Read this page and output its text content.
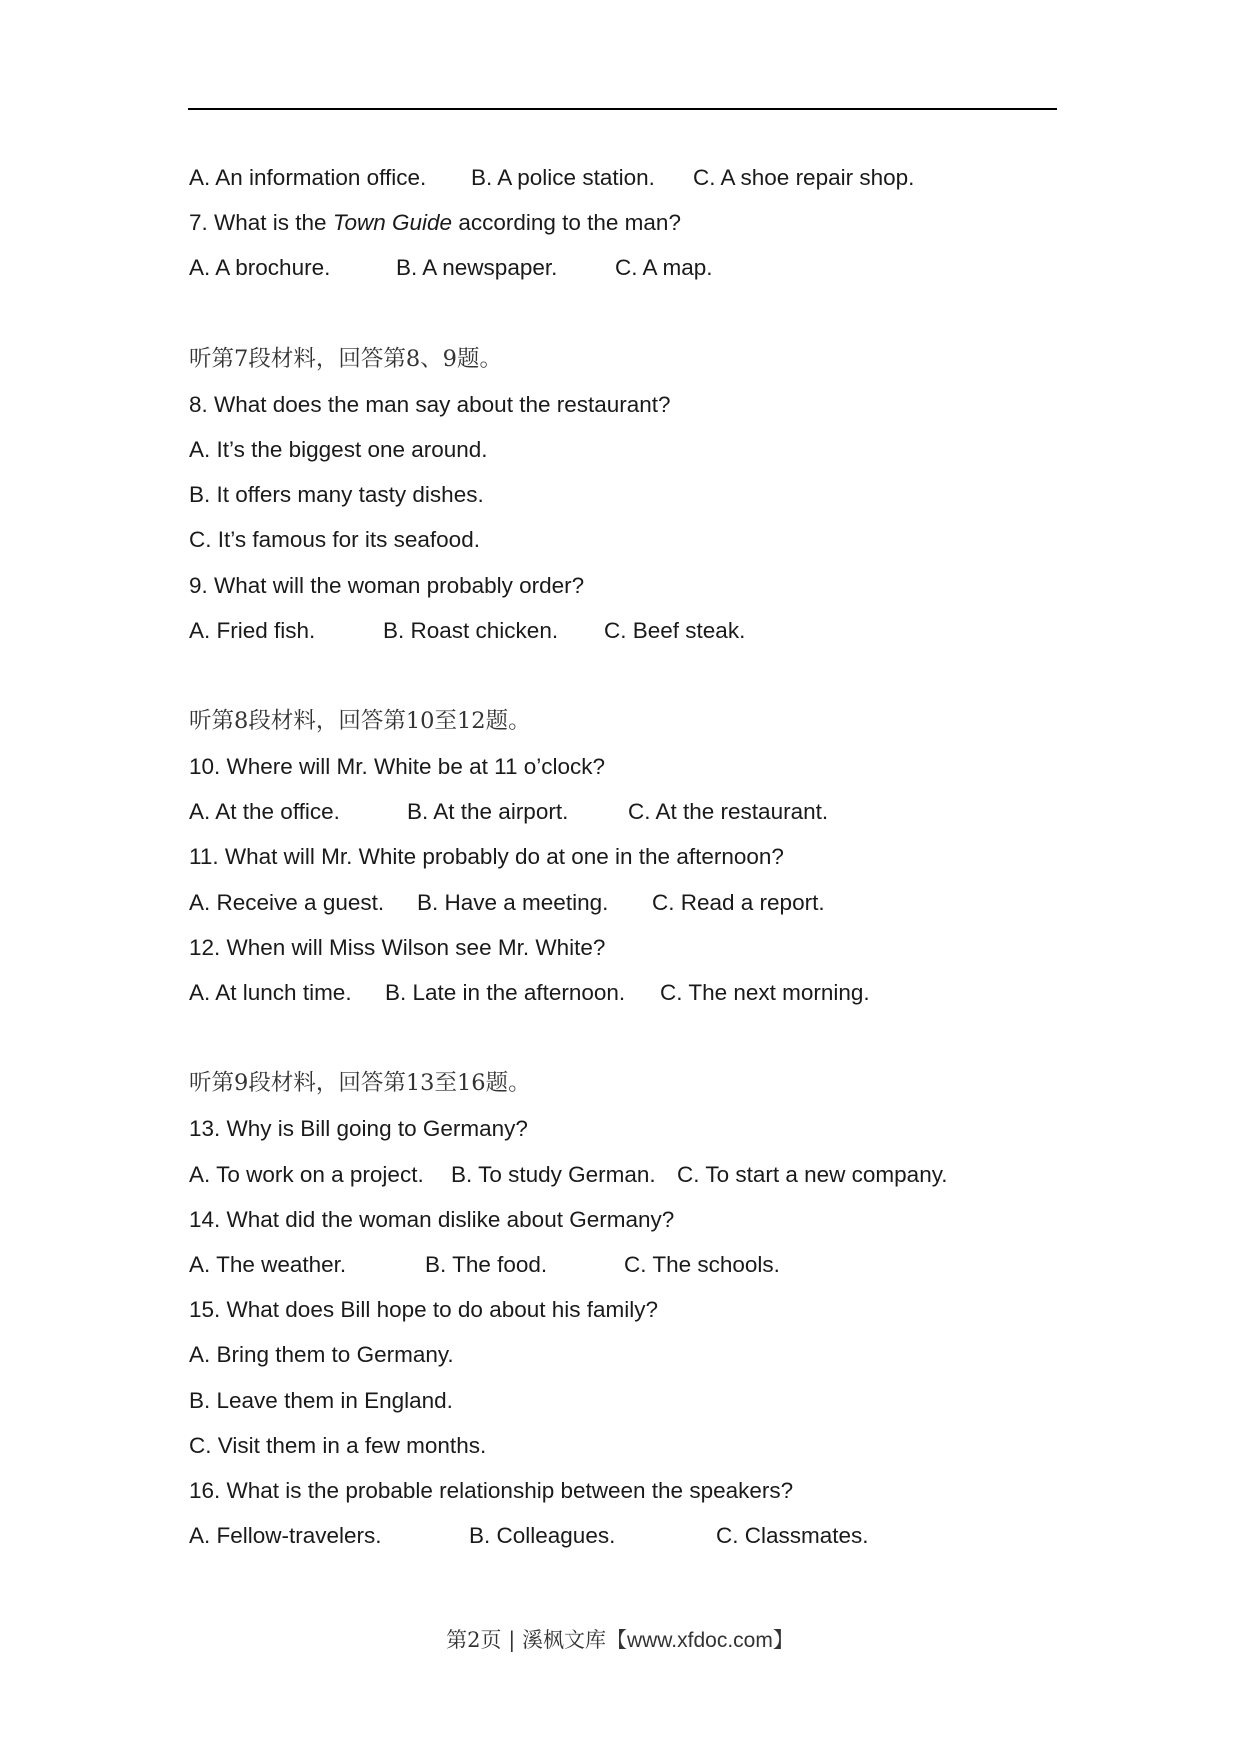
A. An information office. B. A police station. C. A shoe repair shop.
7. What is the Town Guide according to the man?
A. A brochure.	B. A newspaper.	C. A map.
听第7段材料，回答第8、9题。
8. What does the man say about the restaurant?
A. It’s the biggest one around.
B. It offers many tasty dishes.
C. It’s famous for its seafood.
9. What will the woman probably order?
A. Fried fish.	B. Roast chicken. C. Beef steak.
听第8段材料，回答第10至12题。
10. Where will Mr. White be at 11 o’clock?
A. At the office.	B. At the airport.	C. At the restaurant.
11. What will Mr. White probably do at one in the afternoon?
A. Receive a guest. B. Have a meeting. C. Read a report.
12. When will Miss Wilson see Mr. White?
A. At lunch time. B. Late in the afternoon. C. The next morning.
听第9段材料，回答第13至16题。
13. Why is Bill going to Germany?
A. To work on a project. B. To study German. C. To start a new company.
14. What did the woman dislike about Germany?
A. The weather.	B. The food.	C. The schools.
15. What does Bill hope to do about his family?
A. Bring them to Germany.
B. Leave them in England.
C. Visit them in a few months.
16. What is the probable relationship between the speakers?
A. Fellow-travelers.	B. Colleagues.	C. Classmates.
第2页 | 溪枫文库【www.xfdoc.com】
